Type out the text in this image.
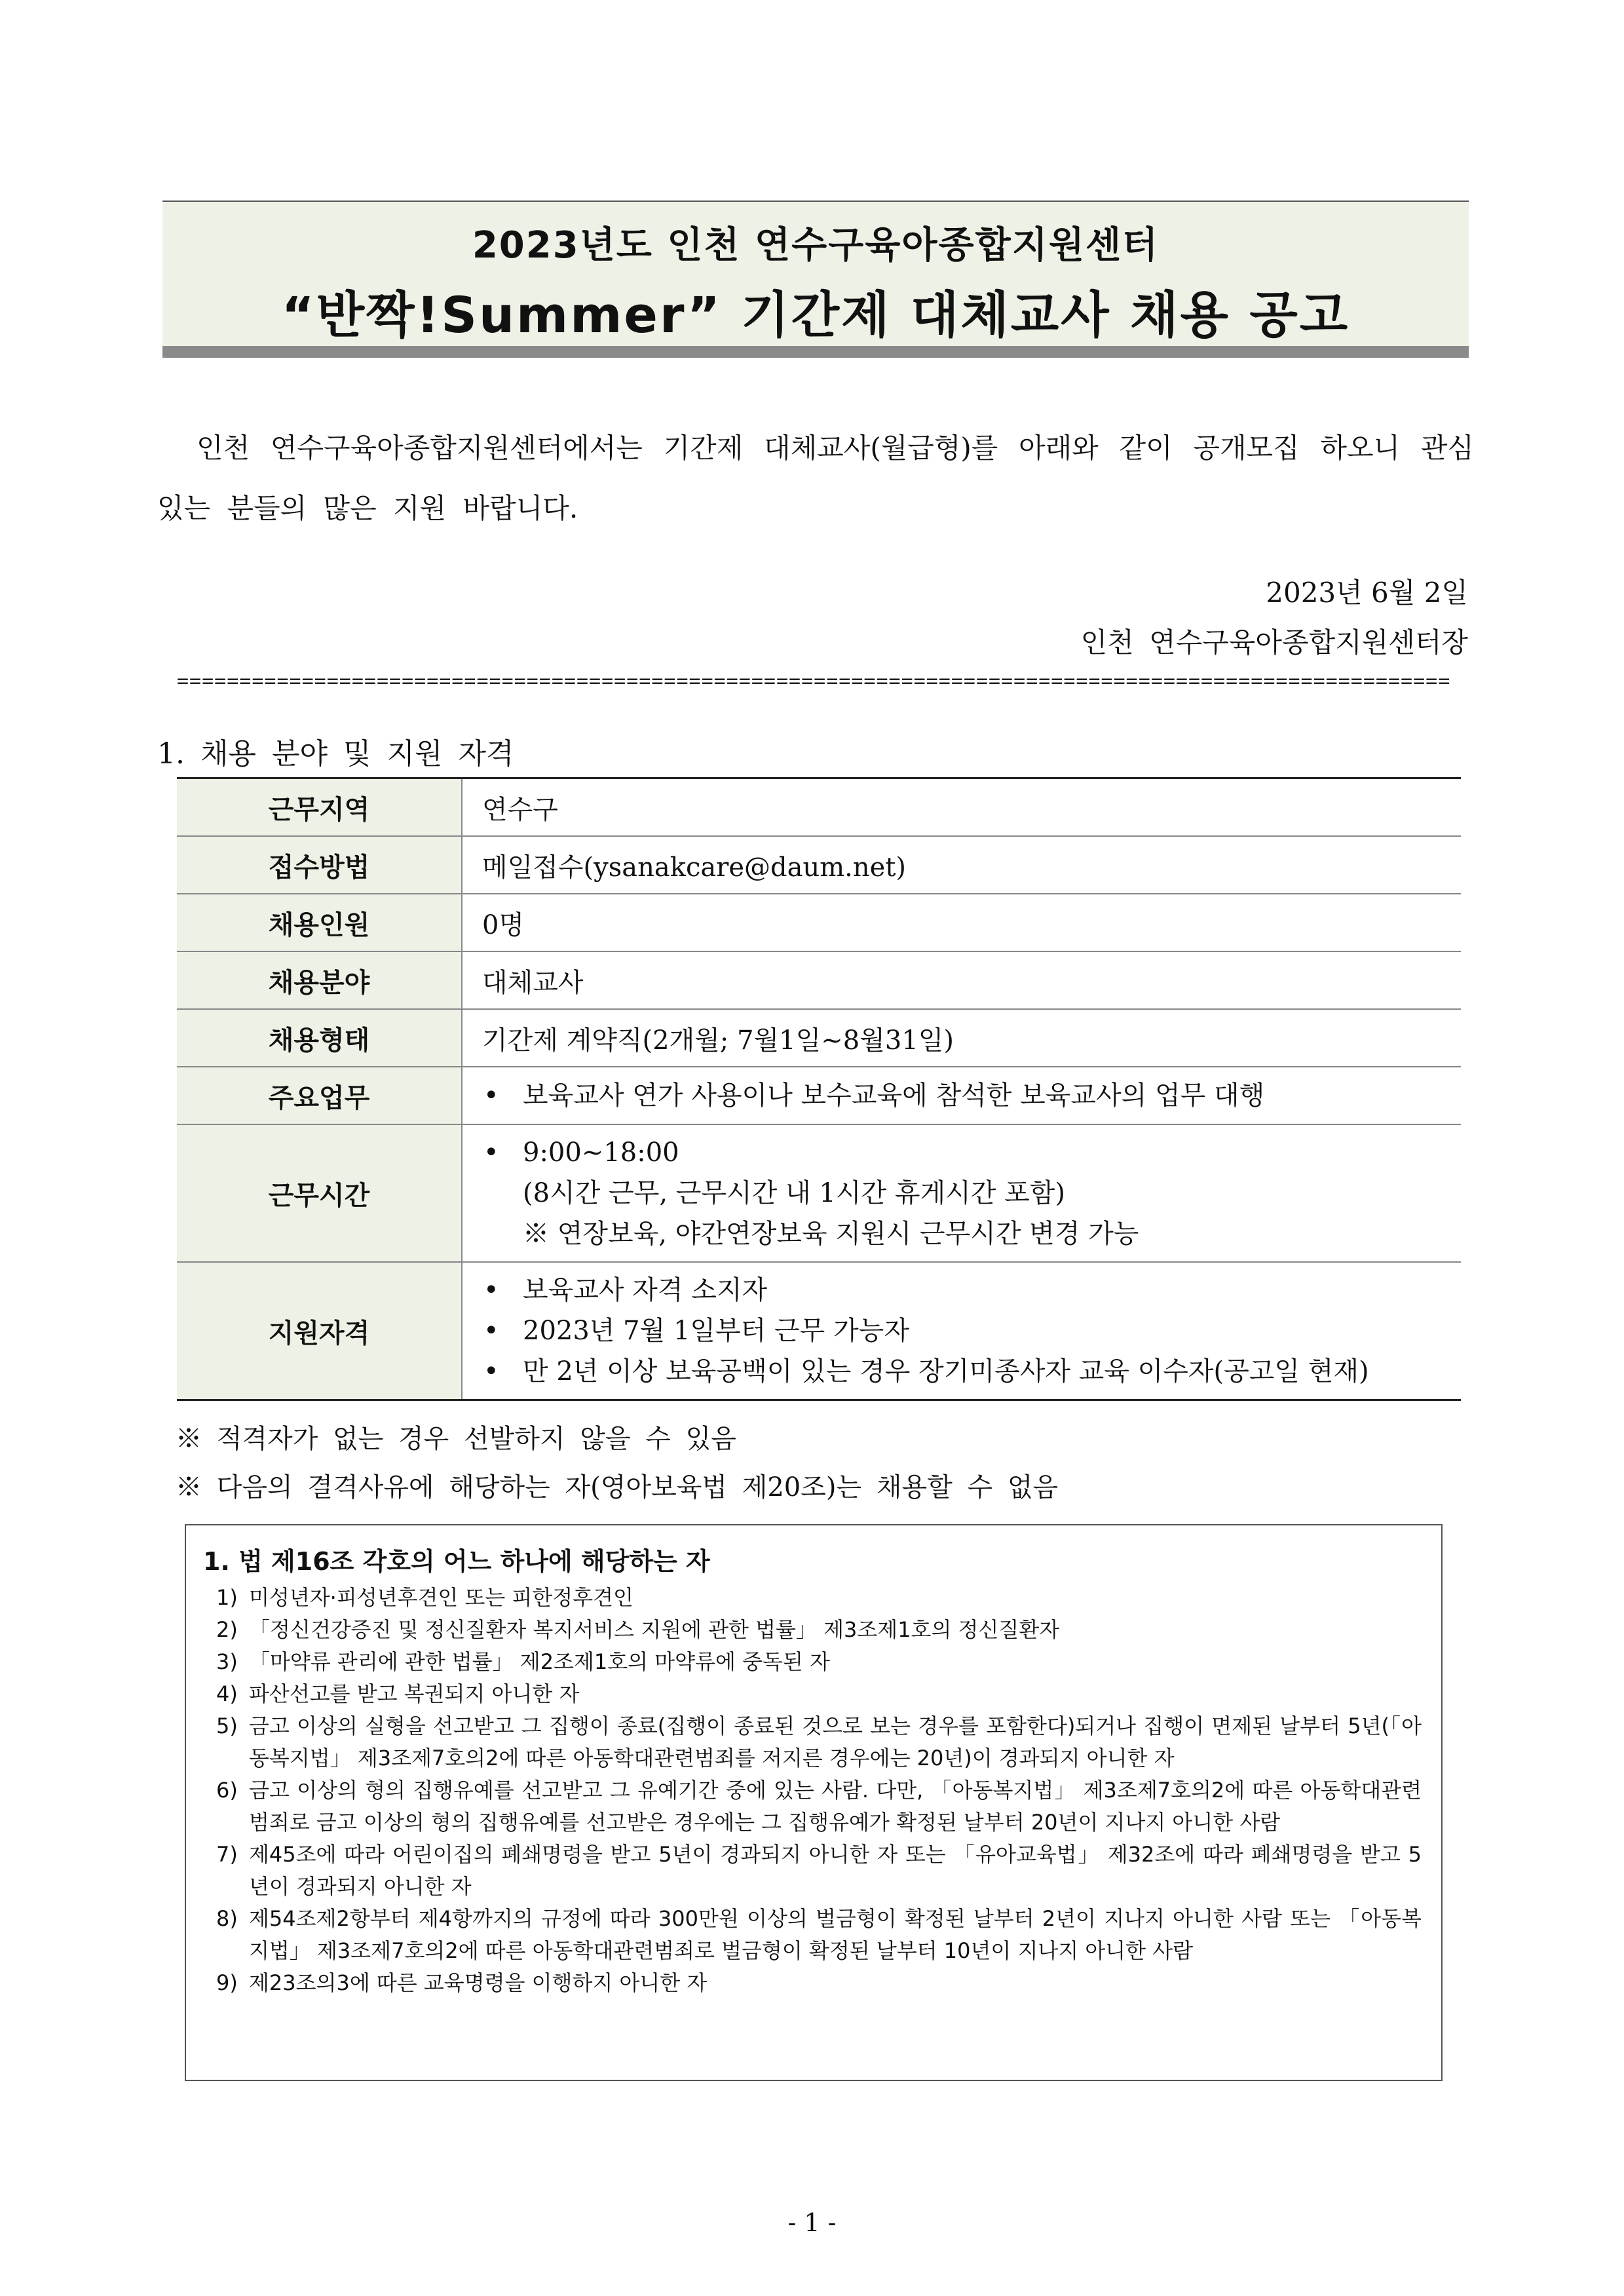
2023년도 인천 연수구육아종합지원센터
“반짝!Summer” 기간제 대체교사 채용 공고
인천 연수구육아종합지원센터에서는 기간제 대체교사(월급형)를 아래와 같이 공개모집 하오니 관심 있는 분들의 많은 지원 바랍니다.
2023년 6월 2일
인천 연수구육아종합지원센터장
======================================================================================================
1. 채용 분야 및 지원 자격
근무지역	연수구
접수방법	메일접수(ysanakcare@daum.net)
채용인원	0명
채용분야	대체교사
채용형태	기간제 계약직(2개월; 7월1일~8월31일)
주요업무	• 보육교사 연가 사용이나 보수교육에 참석한 보육교사의 업무 대행

근무시간	• 9:00~18:00
(8시간 근무, 근무시간 내 1시간 휴게시간 포함)
※ 연장보육, 야간연장보육 지원시 근무시간 변경 가능

지원자격	• 보육교사 자격 소지자
• 2023년 7월 1일부터 근무 가능자
• 만 2년 이상 보육공백이 있는 경우 장기미종사자 교육 이수자(공고일 현재)
※ 적격자가 없는 경우 선발하지 않을 수 있음
※ 다음의 결격사유에 해당하는 자(영아보육법 제20조)는 채용할 수 없음
1. 법 제16조 각호의 어느 하나에 해당하는 자
1) 미성년자·피성년후견인 또는 피한정후견인
2) 「정신건강증진 및 정신질환자 복지서비스 지원에 관한 법률」 제3조제1호의 정신질환자
3) 「마약류 관리에 관한 법률」 제2조제1호의 마약류에 중독된 자
4) 파산선고를 받고 복권되지 아니한 자
5) 금고 이상의 실형을 선고받고 그 집행이 종료(집행이 종료된 것으로 보는 경우를 포함한다)되거나 집행이 면제된 날부터 5년(「아동복지법」 제3조제7호의2에 따른 아동학대관련범죄를 저지른 경우에는 20년)이 경과되지 아니한 자
6) 금고 이상의 형의 집행유예를 선고받고 그 유예기간 중에 있는 사람. 다만, 「아동복지법」 제3조제7호의2에 따른 아동학대관련범죄로 금고 이상의 형의 집행유예를 선고받은 경우에는 그 집행유예가 확정된 날부터 20년이 지나지 아니한 사람
7) 제45조에 따라 어린이집의 폐쇄명령을 받고 5년이 경과되지 아니한 자 또는 「유아교육법」 제32조에 따라 폐쇄명령을 받고 5년이 경과되지 아니한 자
8) 제54조제2항부터 제4항까지의 규정에 따라 300만원 이상의 벌금형이 확정된 날부터 2년이 지나지 아니한 사람 또는 「아동복지법」 제3조제7호의2에 따른 아동학대관련범죄로 벌금형이 확정된 날부터 10년이 지나지 아니한 사람
9) 제23조의3에 따른 교육명령을 이행하지 아니한 자
- 1 -
